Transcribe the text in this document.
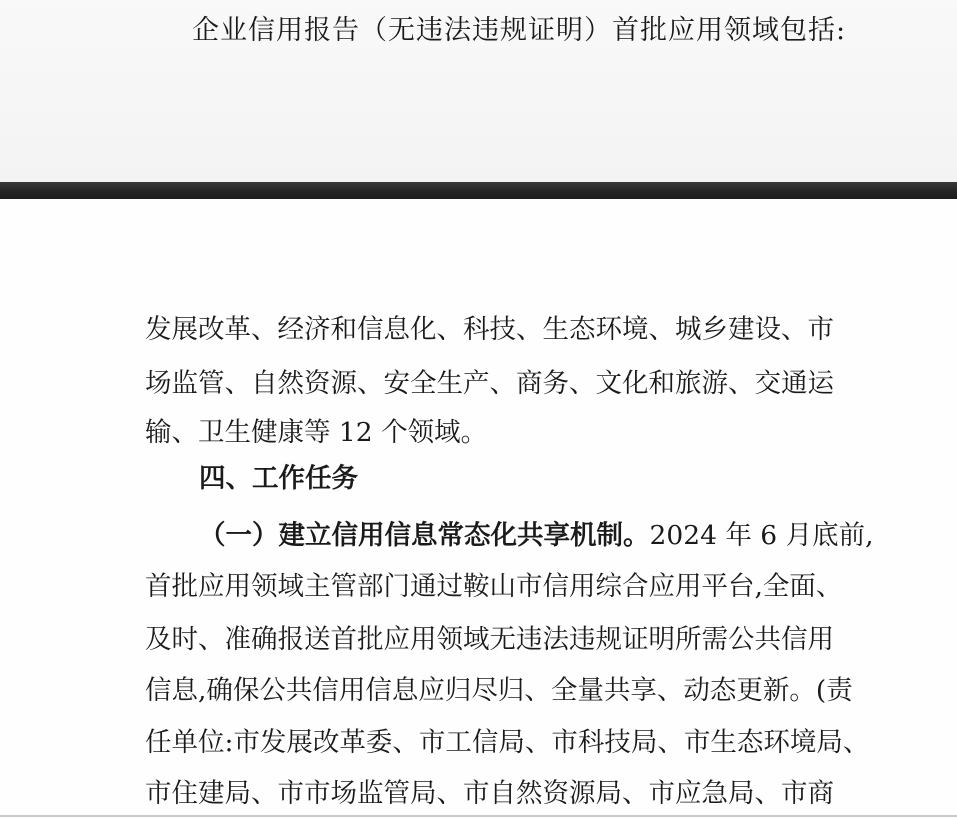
企业信用报告（无违法违规证明）首批应用领域包括:
发展改革、经济和信息化、科技、生态环境、城乡建设、市
场监管、自然资源、安全生产、商务、文化和旅游、交通运
输、卫生健康等 12 个领域。
四、工作任务
（一）建立信用信息常态化共享机制。2024 年 6 月底前,
首批应用领域主管部门通过鞍山市信用综合应用平台,全面、
及时、准确报送首批应用领域无违法违规证明所需公共信用
信息,确保公共信用信息应归尽归、全量共享、动态更新。(责
任单位:市发展改革委、市工信局、市科技局、市生态环境局、
市住建局、市市场监管局、市自然资源局、市应急局、市商
